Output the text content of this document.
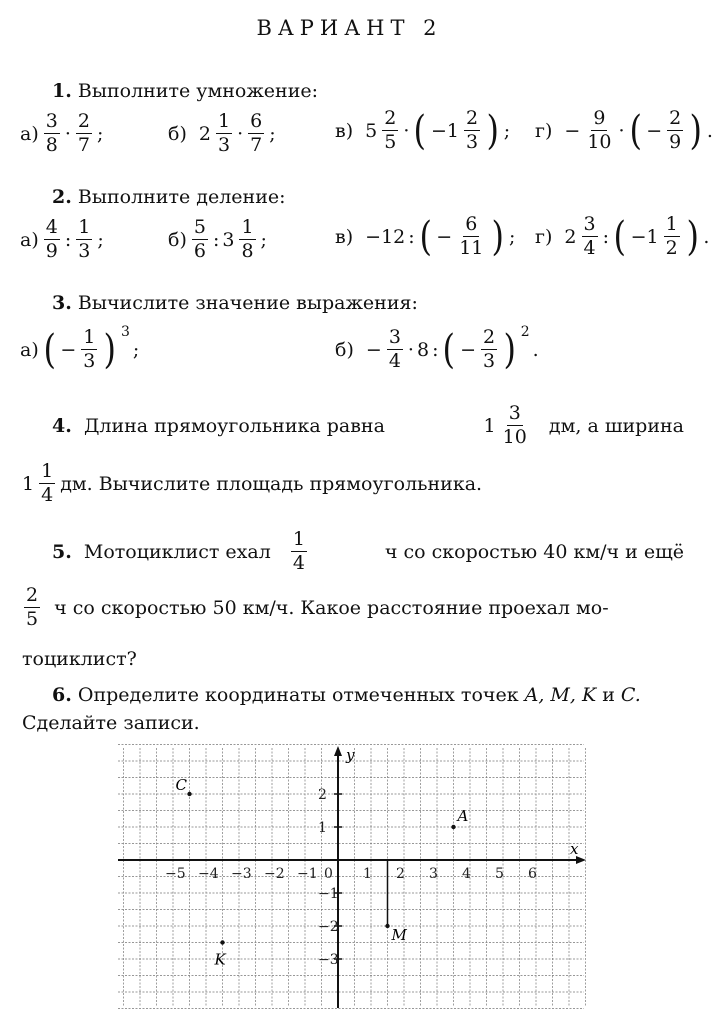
ВАРИАНТ 2
1. Выполните умножение:
$а) \frac{3}{8} \cdot \frac{2}{7}$ ;	б)
$2 \frac{1}{3} \cdot \frac{6}{7}$ ;	в)
$5 \frac{2}{5}$ · ( $-1 \frac{2}{3}$ ) ; г)
− $\frac{9}{10}$ · ( − $\frac{2}{9}$ ) .
2. Выполните деление:
$а) \frac{4}{9}$ : $\frac{1}{3}$ ;	$б) \frac{5}{6}$ : $3 \frac{1}{8}$ ;	в)
−12 : ( − $\frac{6}{11}$ ) ; г)
$2 \frac{3}{4}$ : ( $-1 \frac{1}{2}$ ) .
3. Вычислите значение выражения:
а) ( − $\frac{1}{3}$ ) 3
;	б)
− $\frac{3}{4} \cdot 8$ : ( − $\frac{2}{3}$ ) 2
.
4. Длина прямоугольника равна	$1 \frac{3}{10}$
дм, а ширина
$1 \frac{1}{4}$ дм. Вычислите площадь прямоугольника.
5.
Мотоциклист ехал
$\frac{1}{4}$	ч со скоростью 40 км/ч и ещё
$\frac{2}{5}$
ч со скоростью 50 км/ч. Какое расстояние проехал мо-
тоциклист?
6. Определите координаты отмеченных точек A, M, K и C.
Сделайте записи.
x
y
−5 −4 −3 −2 −1 0 1 2 3 4 5 6
2
1
−1
−2
−3
C
A
M
K
